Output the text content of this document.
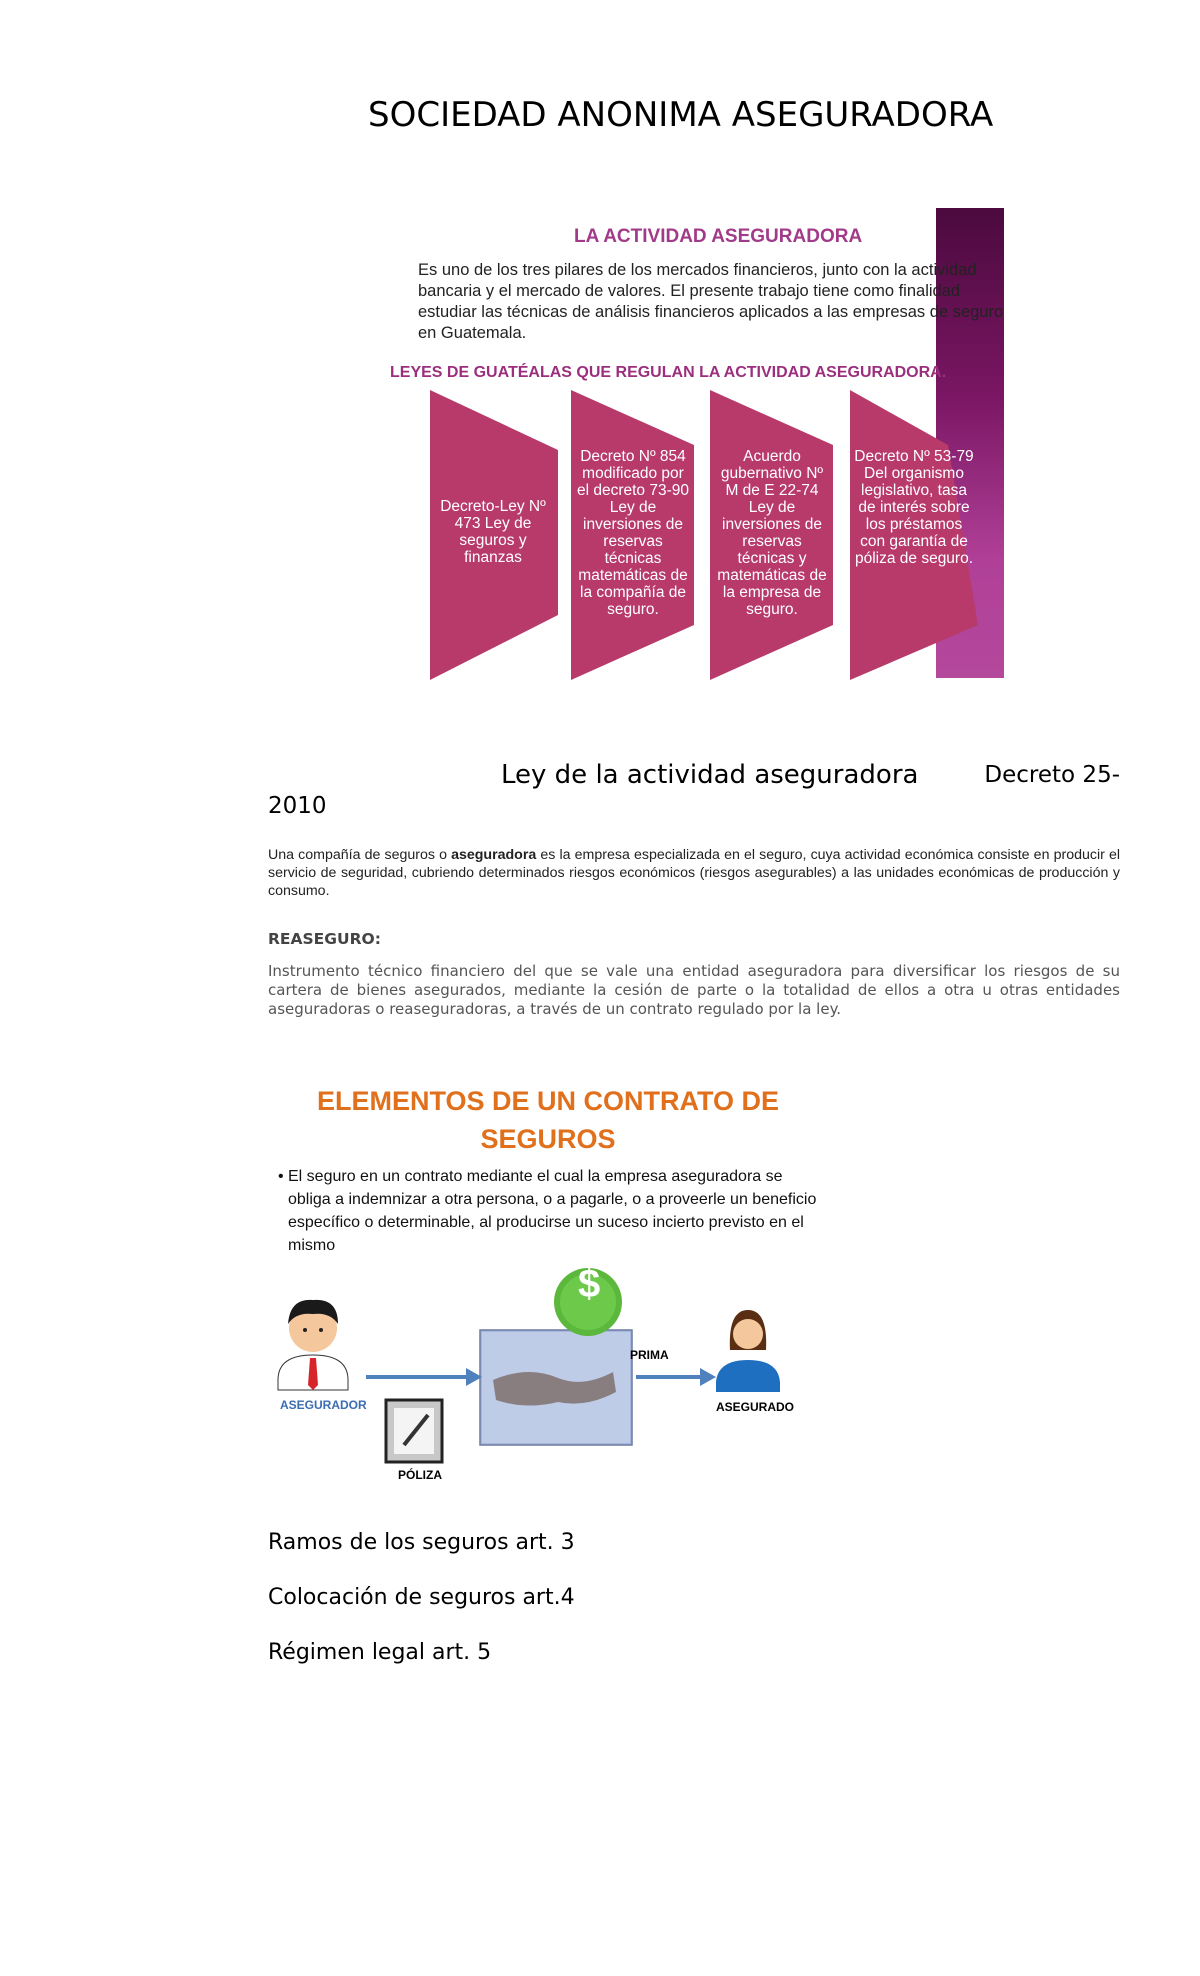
SOCIEDAD ANONIMA ASEGURADORA
LA ACTIVIDAD ASEGURADORA
Es uno de los tres pilares de los mercados financieros, junto con la actividad bancaria y el mercado de valores. El presente trabajo tiene como finalidad estudiar las técnicas de análisis financieros aplicados a las empresas de seguro en Guatemala.
LEYES DE GUATÉALAS QUE REGULAN LA ACTIVIDAD ASEGURADORA.
Decreto-Ley Nº 473 Ley de seguros y finanzas
Decreto Nº 854 modificado por el decreto 73-90 Ley de inversiones de reservas técnicas matemáticas de la compañía de seguro.
Acuerdo gubernativo Nº M de E 22-74 Ley de inversiones de reservas técnicas y matemáticas de la empresa de seguro.
Decreto Nº 53-79 Del organismo legislativo, tasa de interés sobre los préstamos con garantía de póliza de seguro.
Ley de la actividad aseguradora	Decreto 25-

2010
Una compañía de seguros o aseguradora es la empresa especializada en el seguro, cuya actividad económica consiste en producir el servicio de seguridad, cubriendo determinados riesgos económicos (riesgos asegurables) a las unidades económicas de producción y consumo.
REASEGURO:
Instrumento técnico financiero del que se vale una entidad aseguradora para diversificar los riesgos de su cartera de bienes asegurados, mediante la cesión de parte o la totalidad de ellos a otra u otras entidades aseguradoras o reaseguradoras, a través de un contrato regulado por la ley.
ELEMENTOS DE UN CONTRATO DE
SEGUROS
• El seguro en un contrato mediante el cual la empresa aseguradora se obliga a indemnizar a otra persona, o a pagarle, o a proveerle un beneficio específico o determinable, al producirse un suceso incierto previsto en el mismo
$
ASEGURADOR
PÓLIZA
PRIMA
ASEGURADO
Ramos de los seguros art. 3
Colocación de seguros art.4
Régimen legal art. 5
